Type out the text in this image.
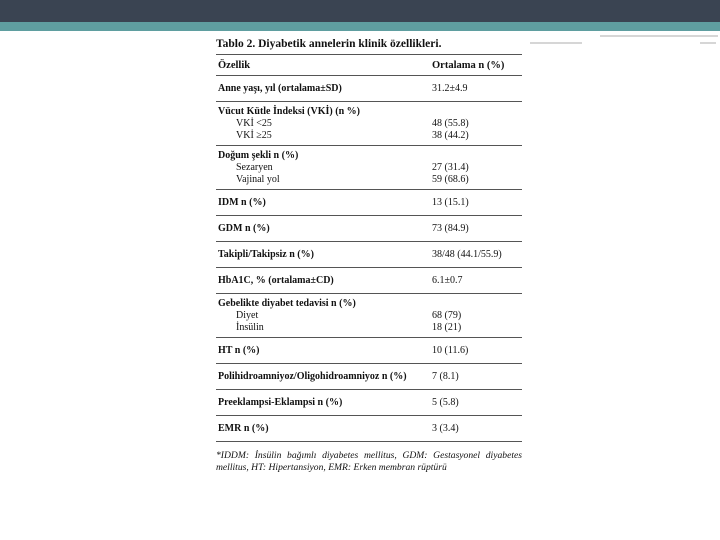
Tablo 2. Diyabetik annelerin klinik özellikleri.
Özellik	Ortalama n (%)
Anne yaşı, yıl (ortalama±SD)	31.2±4.9
Vücut Kütle İndeksi (VKİ) (n %)
VKİ <25	48 (55.8)
VKİ ≥25	38 (44.2)
Doğum şekli n (%)
Sezaryen	27 (31.4)
Vajinal yol	59 (68.6)
IDM n (%)	13 (15.1)
GDM n (%)	73 (84.9)
Takipli/Takipsiz n (%)	38/48 (44.1/55.9)
HbA1C, % (ortalama±CD)	6.1±0.7
Gebelikte diyabet tedavisi n (%)
Diyet	68 (79)
İnsülin	18 (21)
HT n (%)	10 (11.6)
Polihidroamniyoz/Oligohidroamniyoz n (%)	7 (8.1)
Preeklampsi-Eklampsi n (%)	5 (5.8)
EMR n (%)	3 (3.4)
*IDDM: İnsülin bağımlı diyabetes mellitus, GDM: Gestasyonel diyabetes mellitus, HT: Hipertansiyon, EMR: Erken membran rüptürü
